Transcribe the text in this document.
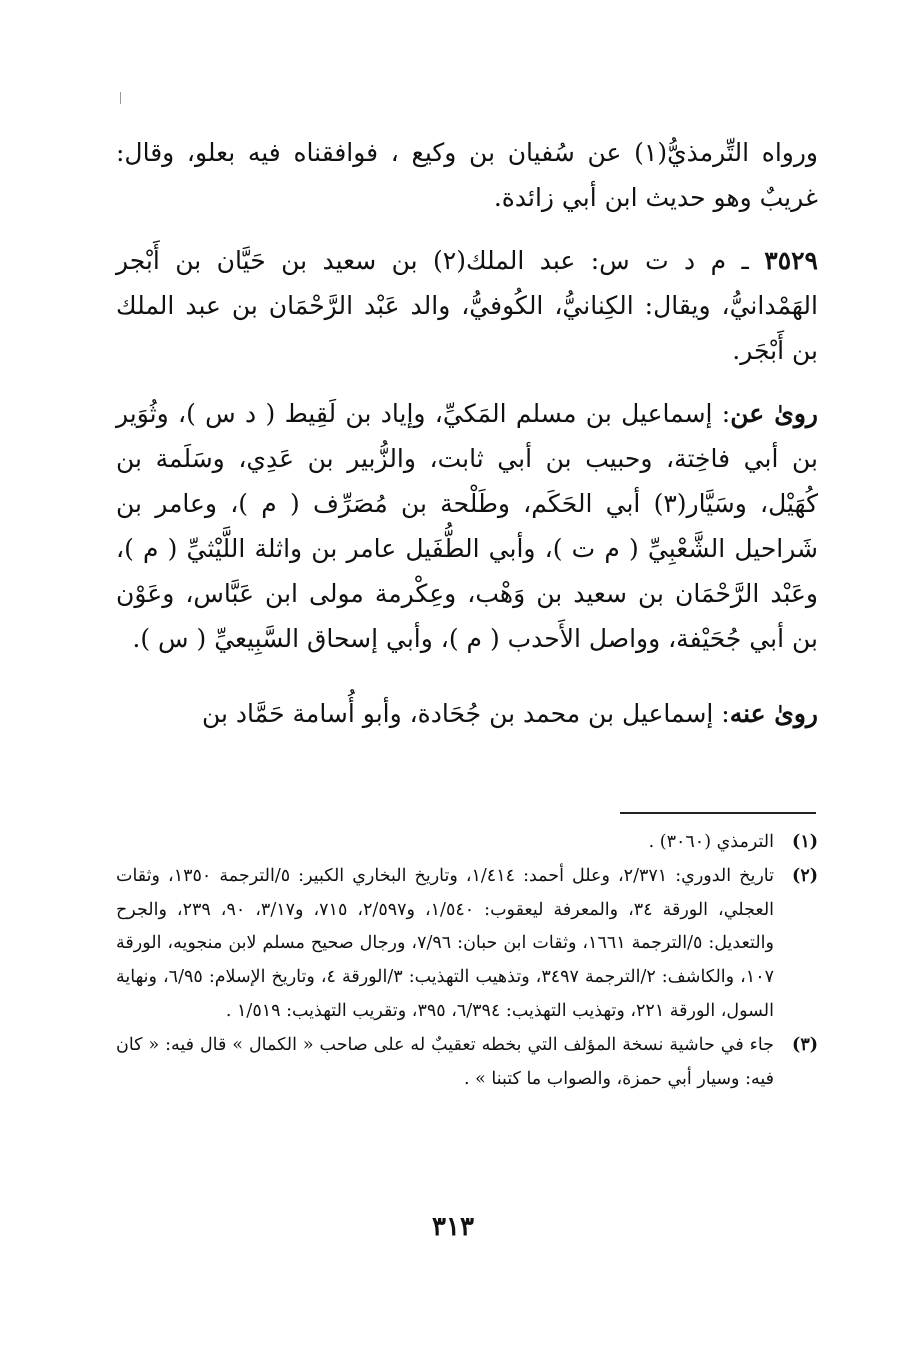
ورواه التِّرمذيُّ(١) عن سُفيان بن وكيع ، فوافقناه فيه بعلو، وقال: غريبٌ وهو حديث ابن أبي زائدة.

٣٥٢٩ ـ م د ت س: عبد الملك(٢) بن سعيد بن حَيَّان بن أَبْجر الهَمْدانيُّ، ويقال: الكِنانيُّ، الكُوفيُّ، والد عَبْد الرَّحْمَان بن عبد الملك بن أَبْجَر.

روىٰ عن: إسماعيل بن مسلم المَكيِّ، وإياد بن لَقِيط ( د س )، وثُوَير بن أبي فاخِتة، وحبيب بن أبي ثابت، والزُّبير بن عَدِي، وسَلَمة بن كُهَيْل، وسَيَّار(٣) أبي الحَكَم، وطَلْحة بن مُصَرِّف ( م )، وعامر بن شَراحيل الشَّعْبِيِّ ( م ت )، وأبي الطُّفَيل عامر بن واثلة اللَّيْثيِّ ( م )، وعَبْد الرَّحْمَان بن سعيد بن وَهْب، وعِكْرمة مولى ابن عَبَّاس، وعَوْن بن أبي جُحَيْفة، وواصل الأَحدب ( م )، وأبي إسحاق السَّبِيعيِّ ( س ).

روىٰ عنه: إسماعيل بن محمد بن جُحَادة، وأبو أُسامة حَمَّاد بن

(١)
الترمذي (٣٠٦٠) .
(٢)
تاريخ الدوري: ٢/٣٧١، وعلل أحمد: ١/٤١٤، وتاريخ البخاري الكبير: ٥/الترجمة ١٣٥٠، وثقات العجلي، الورقة ٣٤، والمعرفة ليعقوب: ١/٥٤٠، و٢/٥٩٧، ٧١٥، و٣/١٧، ٩٠، ٢٣٩، والجرح والتعديل: ٥/الترجمة ١٦٦١، وثقات ابن حبان: ٧/٩٦، ورجال صحيح مسلم لابن منجويه، الورقة ١٠٧، والكاشف: ٢/الترجمة ٣٤٩٧، وتذهيب التهذيب: ٣/الورقة ٤، وتاريخ الإسلام: ٦/٩٥، ونهاية السول، الورقة ٢٢١، وتهذيب التهذيب: ٦/٣٩٤، ٣٩٥، وتقريب التهذيب: ١/٥١٩ .
(٣)
جاء في حاشية نسخة المؤلف التي بخطه تعقيبٌ له على صاحب « الكمال » قال فيه: « كان فيه: وسيار أبي حمزة، والصواب ما كتبنا » .
٣١٣
